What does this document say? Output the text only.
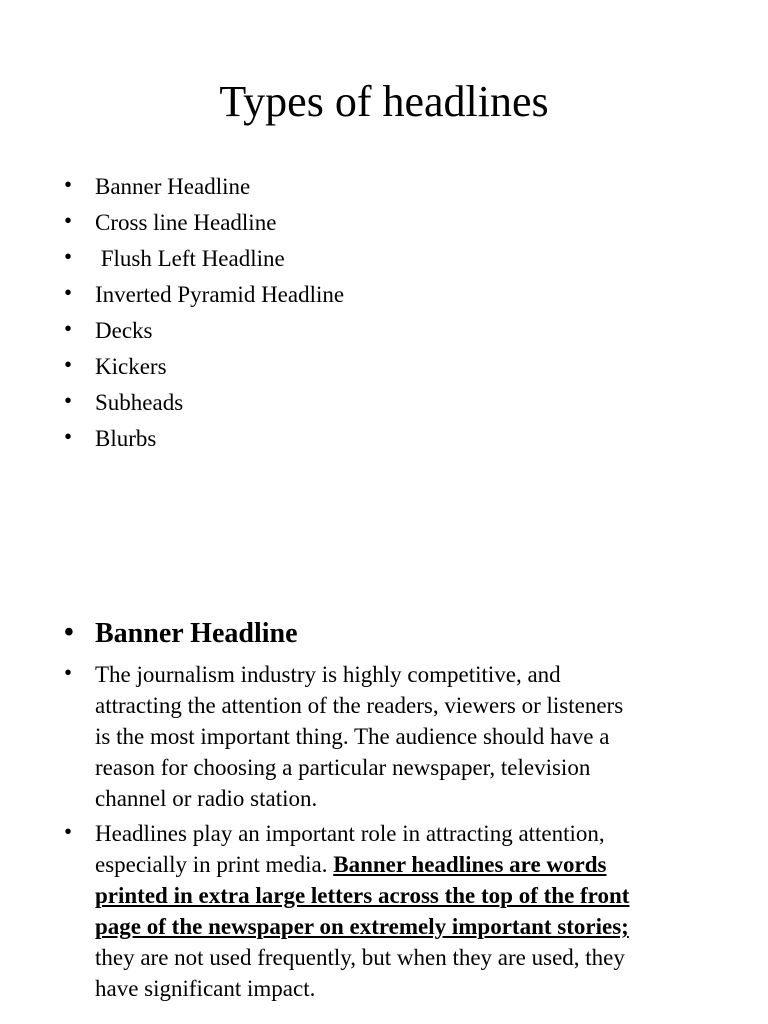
Types of headlines
• Banner Headline
• Cross line Headline
• Flush Left Headline
• Inverted Pyramid Headline
• Decks
• Kickers
• Subheads
• Blurbs
• Banner Headline
• The journalism industry is highly competitive, and
attracting the attention of the readers, viewers or listeners
is the most important thing. The audience should have a
reason for choosing a particular newspaper, television
channel or radio station.
• Headlines play an important role in attracting attention,
especially in print media. Banner headlines are words
printed in extra large letters across the top of the front
page of the newspaper on extremely important stories;
they are not used frequently, but when they are used, they
have significant impact.
